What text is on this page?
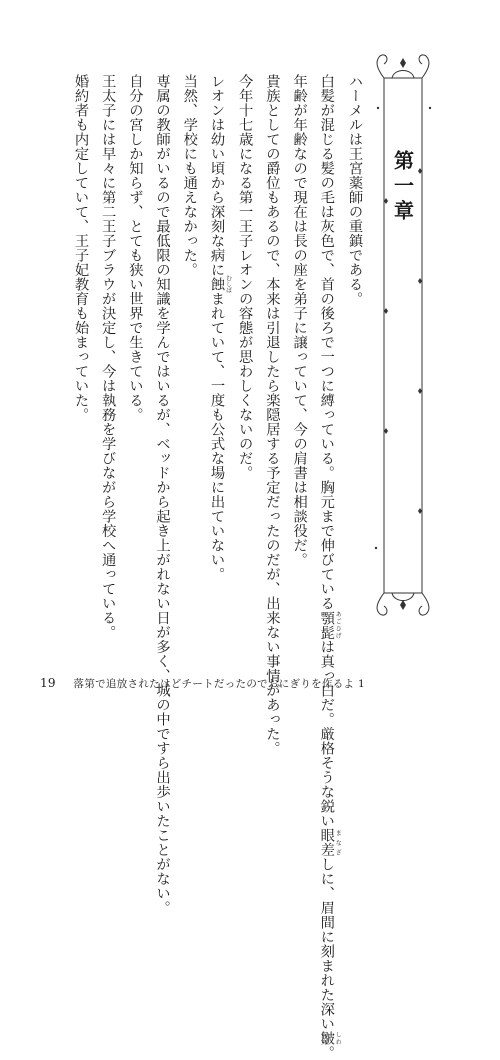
第一章
ハーメルは王宮薬師の重鎮である。
白髪が混じる髪の毛は灰色で、首の後ろで一つに縛っている。胸元まで伸びている顎髭 あごひげは真っ白だ。厳格そうな鋭い眼差 まなざしに、眉間に刻まれた深い皺 しわ。
年齢が年齢なので現在は長の座を弟子に譲っていて、今の肩書は相談役だ。
貴族としての爵位もあるので、本来は引退したら楽隠居する予定だったのだが、出来ない事情があった。
今年十七歳になる第一王子レオンの容態が思わしくないのだ。
レオンは幼い頃から深刻な病に蝕 むしばまれていて、一度も公式な場に出ていない。
当然、学校にも通えなかった。
専属の教師がいるので最低限の知識を学んではいるが、ベッドから起き上がれない日が多く、城の中ですら出歩いたことがない。
自分の宮しか知らず、とても狭い世界で生きている。
王太子には早々に第二王子ブラウが決定し、今は執務を学びながら学校へ通っている。
婚約者も内定していて、王子妃教育も始まっていた。
19 落第で追放されたけどチートだったのでおにぎりを作るよ 1
